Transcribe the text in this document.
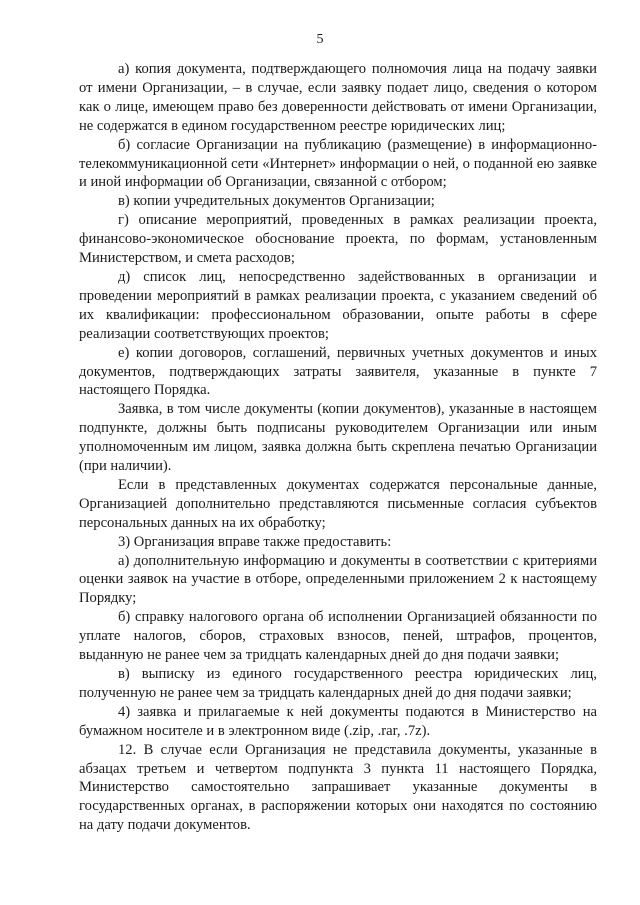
5

а) копия документа, подтверждающего полномочия лица на подачу заявки от имени Организации, – в случае, если заявку подает лицо, сведения о котором как о лице, имеющем право без доверенности действовать от имени Организации, не содержатся в едином государственном реестре юридических лиц;

б) согласие Организации на публикацию (размещение) в информационно-телекоммуникационной сети «Интернет» информации о ней, о поданной ею заявке и иной информации об Организации, связанной с отбором;

в) копии учредительных документов Организации;

г) описание мероприятий, проведенных в рамках реализации проекта, финансово-экономическое обоснование проекта, по формам, установленным Министерством, и смета расходов;

д) список лиц, непосредственно задействованных в организации и проведении мероприятий в рамках реализации проекта, с указанием сведений об их квалификации: профессиональном образовании, опыте работы в сфере реализации соответствующих проектов;

е) копии договоров, соглашений, первичных учетных документов и иных документов, подтверждающих затраты заявителя, указанные в пункте 7 настоящего Порядка.

Заявка, в том числе документы (копии документов), указанные в настоящем подпункте, должны быть подписаны руководителем Организации или иным уполномоченным им лицом, заявка должна быть скреплена печатью Организации (при наличии).

Если в представленных документах содержатся персональные данные, Организацией дополнительно представляются письменные согласия субъектов персональных данных на их обработку;

3) Организация вправе также предоставить:

а) дополнительную информацию и документы в соответствии с критериями оценки заявок на участие в отборе, определенными приложением 2 к настоящему Порядку;

б) справку налогового органа об исполнении Организацией обязанности по уплате налогов, сборов, страховых взносов, пеней, штрафов, процентов, выданную не ранее чем за тридцать календарных дней до дня подачи заявки;

в) выписку из единого государственного реестра юридических лиц, полученную не ранее чем за тридцать календарных дней до дня подачи заявки;

4) заявка и прилагаемые к ней документы подаются в Министерство на бумажном носителе и в электронном виде (.zip, .rar, .7z).

12. В случае если Организация не представила документы, указанные в абзацах третьем и четвертом подпункта 3 пункта 11 настоящего Порядка, Министерство самостоятельно запрашивает указанные документы в государственных органах, в распоряжении которых они находятся по состоянию на дату подачи документов.
